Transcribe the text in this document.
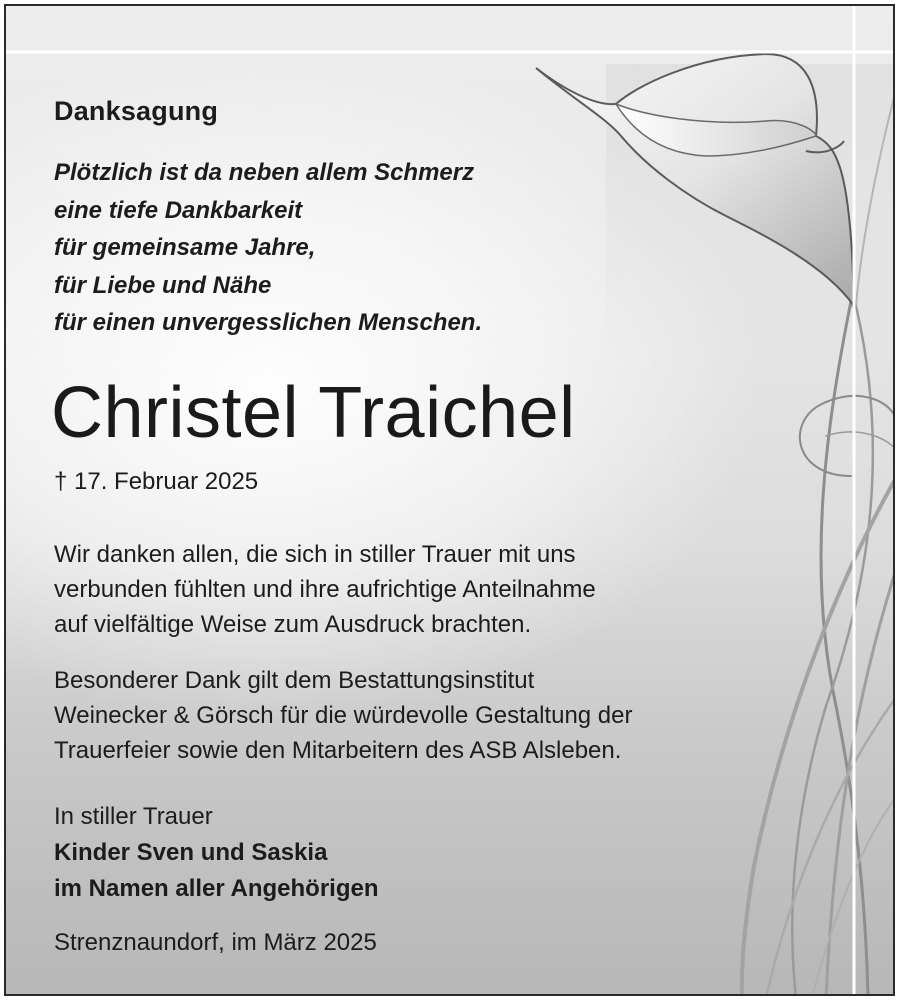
Danksagung
Plötzlich ist da neben allem Schmerz
eine tiefe Dankbarkeit
für gemeinsame Jahre,
für Liebe und Nähe
für einen unvergesslichen Menschen.
Christel Traichel
† 17. Februar 2025
Wir danken allen, die sich in stiller Trauer mit uns
verbunden fühlten und ihre aufrichtige Anteilnahme
auf vielfältige Weise zum Ausdruck brachten.
Besonderer Dank gilt dem Bestattungsinstitut
Weinecker & Görsch für die würdevolle Gestaltung der
Trauerfeier sowie den Mitarbeitern des ASB Alsleben.
In stiller Trauer
Kinder Sven und Saskia
im Namen aller Angehörigen
Strenznaundorf, im März 2025
